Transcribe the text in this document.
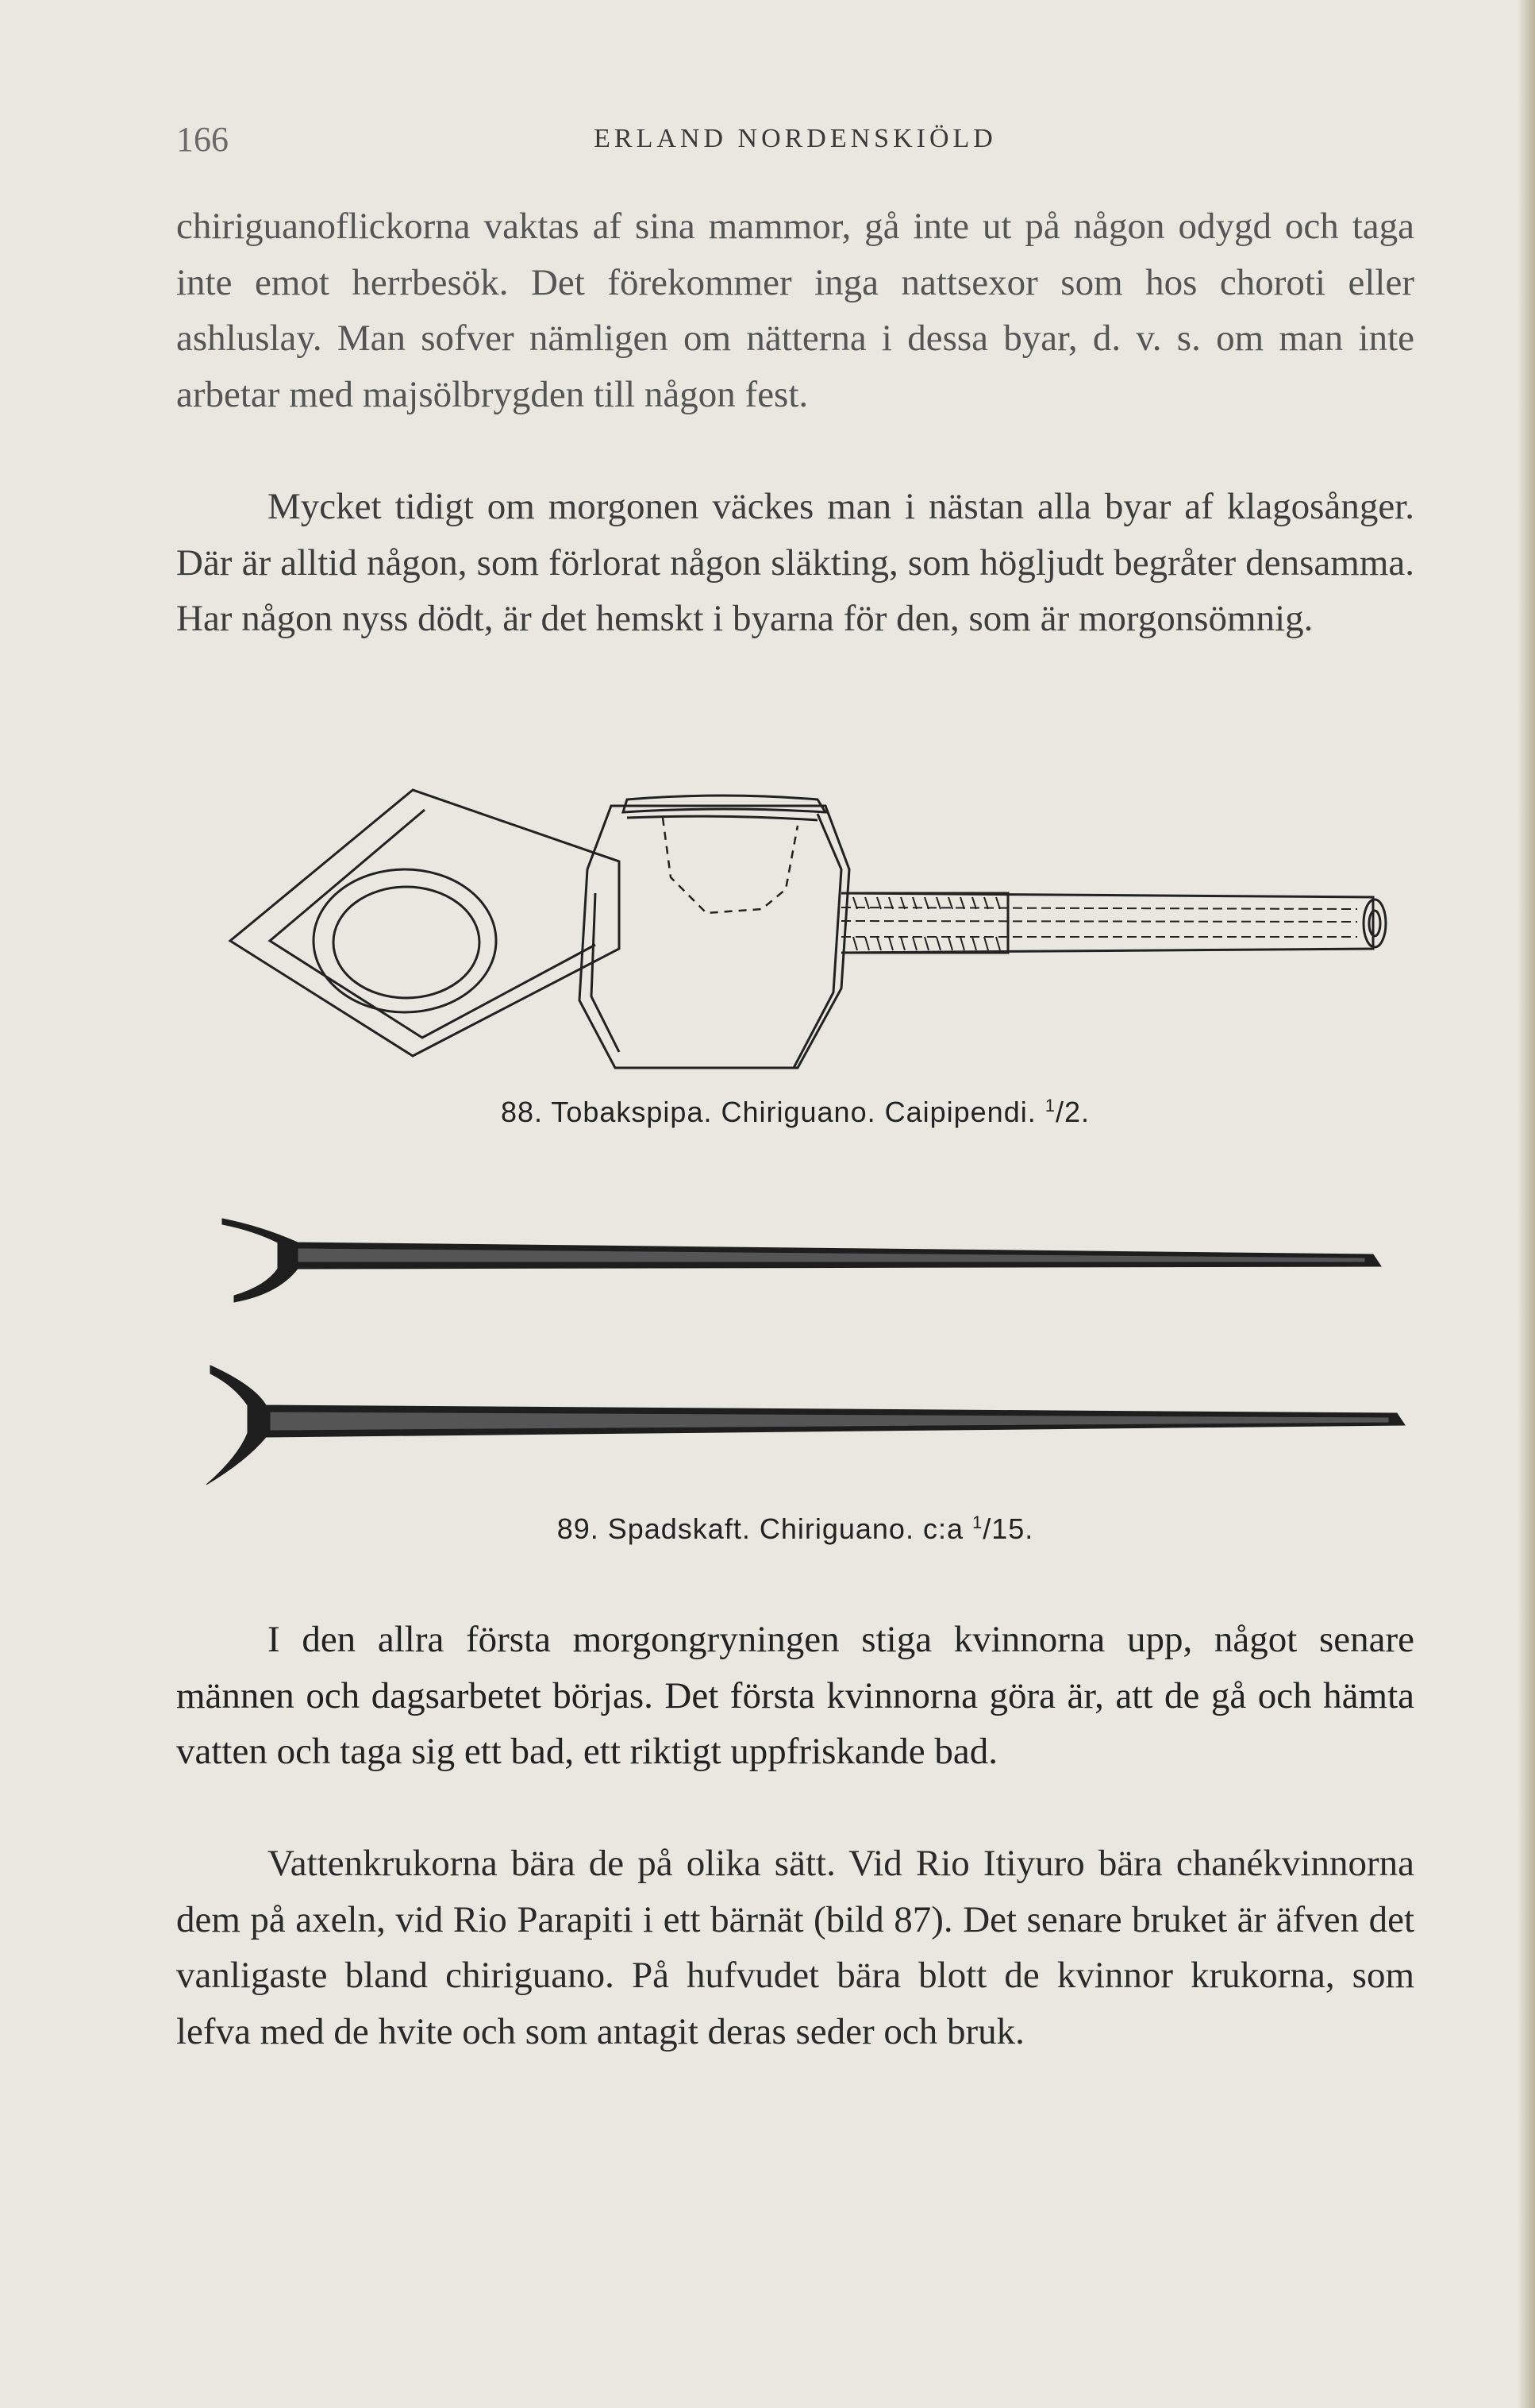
166	ERLAND NORDENSKIÖLD

chiriguanoflickorna vaktas af sina mammor, gå inte ut på någon odygd och taga inte emot herrbesök. Det förekommer inga nattsexor som hos choroti eller ashluslay. Man sofver nämligen om nätterna i dessa byar, d. v. s. om man inte arbetar med majsölbrygden till någon fest.

Mycket tidigt om morgonen väckes man i nästan alla byar af klagosånger. Där är alltid någon, som förlorat någon släkting, som högljudt begråter densamma. Har någon nyss dödt, är det hemskt i byarna för den, som är morgonsömnig.

88. Tobakspipa. Chiriguano. Caipipendi. $^1$/2.
89. Spadskaft. Chiriguano. c:a $^1$/15.

I den allra första morgongryningen stiga kvinnorna upp, något senare männen och dagsarbetet börjas. Det första kvinnorna göra är, att de gå och hämta vatten och taga sig ett bad, ett riktigt uppfriskande bad.

Vattenkrukorna bära de på olika sätt. Vid Rio Itiyuro bära chanékvinnorna dem på axeln, vid Rio Parapiti i ett bärnät (bild 87). Det senare bruket är äfven det vanligaste bland chiriguano. På hufvudet bära blott de kvinnor krukorna, som lefva med de hvite och som antagit deras seder och bruk.
